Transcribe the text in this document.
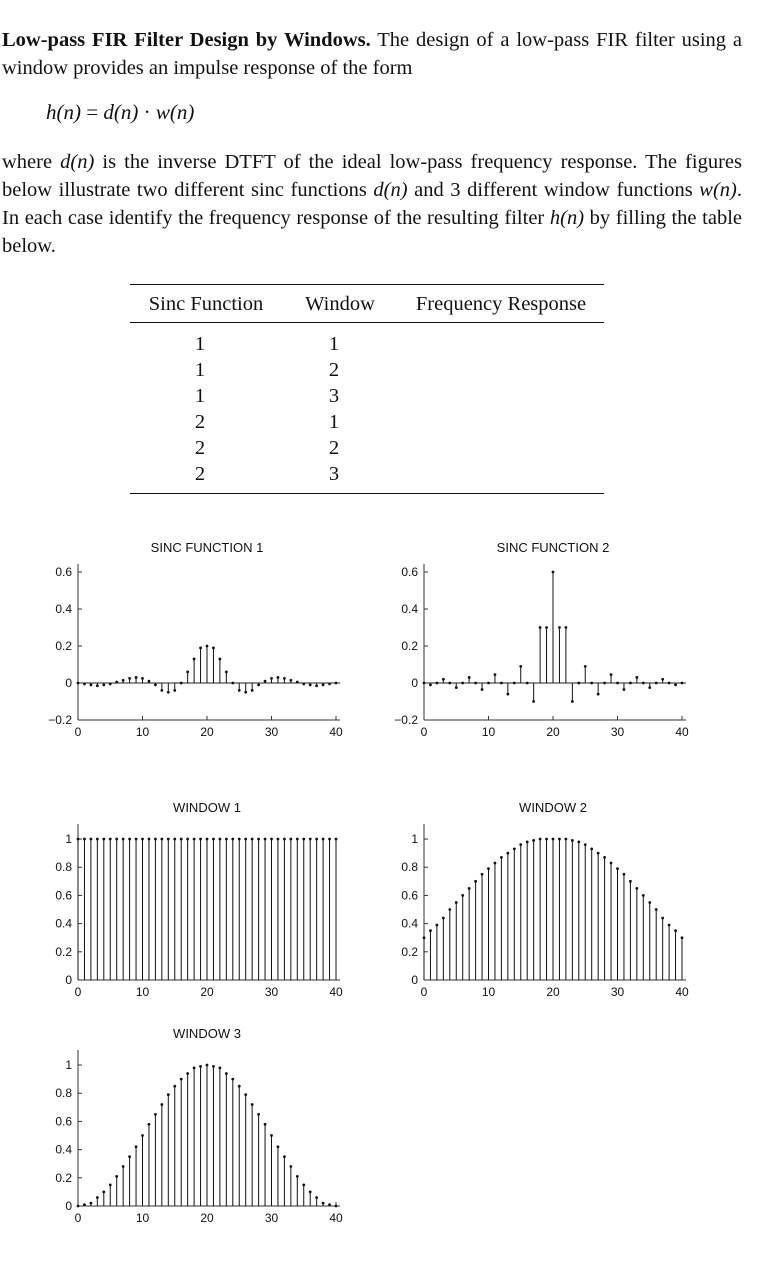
Low-pass FIR Filter Design by Windows. The design of a low-pass FIR filter using a window provides an impulse response of the form
h(n) = d(n) · w(n)
where d(n) is the inverse DTFT of the ideal low-pass frequency response. The figures below illustrate two different sinc functions d(n) and 3 different window functions w(n). In each case identify the frequency response of the resulting filter h(n) by filling the table below.
Sinc Function	Window	Frequency Response
1	1	
1	2	
1	3	
2	1	
2	2	
2	3	
SINC FUNCTION 1
−0.2
0
0.2
0.4
0.6
0	10	20	30	40
SINC FUNCTION 2
−0.2
0
0.2
0.4
0.6
0	10	20	30	40
WINDOW 1
0
0.2
0.4
0.6
0.8
1
0	10	20	30	40
WINDOW 2
0
0.2
0.4
0.6
0.8
1
0	10	20	30	40
WINDOW 3
0
0.2
0.4
0.6
0.8
1
0	10	20	30	40
